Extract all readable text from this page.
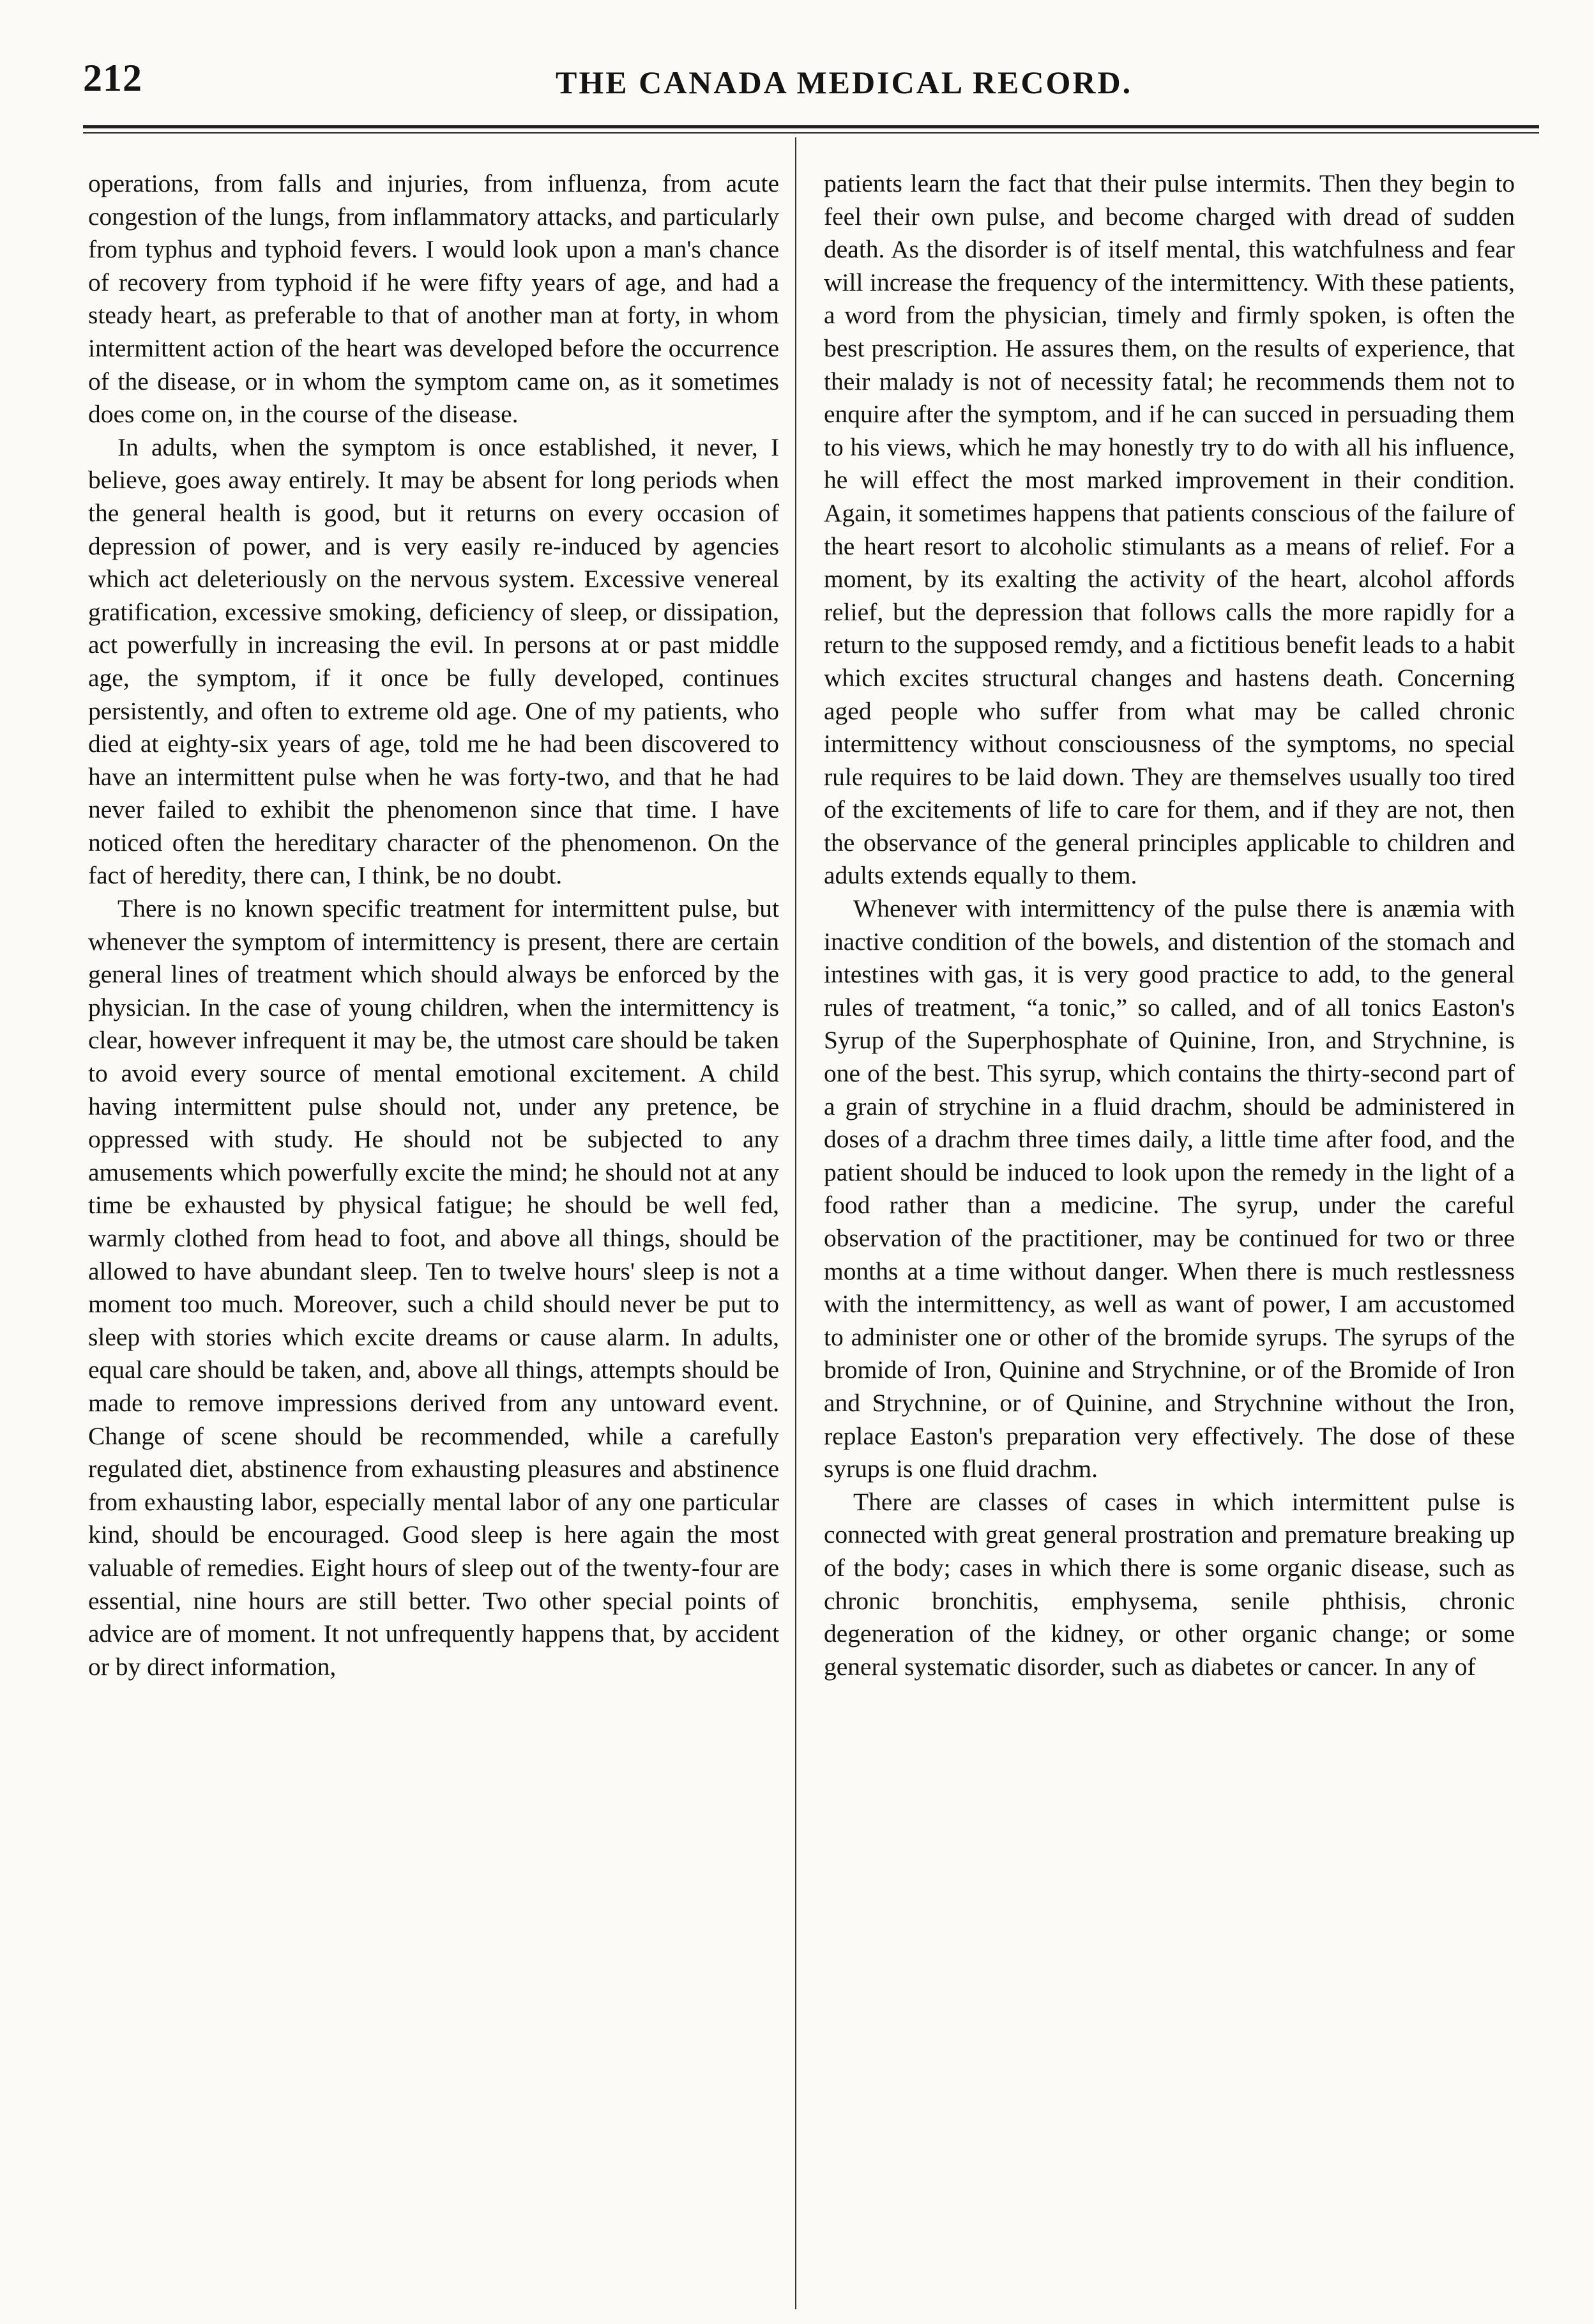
212	THE CANADA MEDICAL RECORD.

operations, from falls and injuries, from influenza, from acute congestion of the lungs, from inflammatory attacks, and particularly from typhus and typhoid fevers. I would look upon a man's chance of recovery from typhoid if he were fifty years of age, and had a steady heart, as preferable to that of another man at forty, in whom intermittent action of the heart was developed before the occurrence of the disease, or in whom the symptom came on, as it sometimes does come on, in the course of the disease.

In adults, when the symptom is once established, it never, I believe, goes away entirely. It may be absent for long periods when the general health is good, but it returns on every occasion of depression of power, and is very easily re-induced by agencies which act deleteriously on the nervous system. Excessive venereal gratification, excessive smoking, deficiency of sleep, or dissipation, act powerfully in increasing the evil. In persons at or past middle age, the symptom, if it once be fully developed, continues persistently, and often to extreme old age. One of my patients, who died at eighty-six years of age, told me he had been discovered to have an intermittent pulse when he was forty-two, and that he had never failed to exhibit the phenomenon since that time. I have noticed often the hereditary character of the phenomenon. On the fact of heredity, there can, I think, be no doubt.

There is no known specific treatment for intermittent pulse, but whenever the symptom of intermittency is present, there are certain general lines of treatment which should always be enforced by the physician. In the case of young children, when the intermittency is clear, however infrequent it may be, the utmost care should be taken to avoid every source of mental emotional excitement. A child having intermittent pulse should not, under any pretence, be oppressed with study. He should not be subjected to any amusements which powerfully excite the mind; he should not at any time be exhausted by physical fatigue; he should be well fed, warmly clothed from head to foot, and above all things, should be allowed to have abundant sleep. Ten to twelve hours' sleep is not a moment too much. Moreover, such a child should never be put to sleep with stories which excite dreams or cause alarm. In adults, equal care should be taken, and, above all things, attempts should be made to remove impressions derived from any untoward event. Change of scene should be recommended, while a carefully regulated diet, abstinence from exhausting pleasures and abstinence from exhausting labor, especially mental labor of any one particular kind, should be encouraged. Good sleep is here again the most valuable of remedies. Eight hours of sleep out of the twenty-four are essential, nine hours are still better. Two other special points of advice are of moment. It not unfrequently happens that, by accident or by direct information,

patients learn the fact that their pulse intermits. Then they begin to feel their own pulse, and become charged with dread of sudden death. As the disorder is of itself mental, this watchfulness and fear will increase the frequency of the intermittency. With these patients, a word from the physician, timely and firmly spoken, is often the best prescription. He assures them, on the results of experience, that their malady is not of necessity fatal; he recommends them not to enquire after the symptom, and if he can succed in persuading them to his views, which he may honestly try to do with all his influence, he will effect the most marked improvement in their condition. Again, it sometimes happens that patients conscious of the failure of the heart resort to alcoholic stimulants as a means of relief. For a moment, by its exalting the activity of the heart, alcohol affords relief, but the depression that follows calls the more rapidly for a return to the supposed remdy, and a fictitious benefit leads to a habit which excites structural changes and hastens death. Concerning aged people who suffer from what may be called chronic intermittency without consciousness of the symptoms, no special rule requires to be laid down. They are themselves usually too tired of the excitements of life to care for them, and if they are not, then the observance of the general principles applicable to children and adults extends equally to them.

Whenever with intermittency of the pulse there is anæmia with inactive condition of the bowels, and distention of the stomach and intestines with gas, it is very good practice to add, to the general rules of treatment, “a tonic,” so called, and of all tonics Easton's Syrup of the Superphosphate of Quinine, Iron, and Strychnine, is one of the best. This syrup, which contains the thirty-second part of a grain of strychine in a fluid drachm, should be administered in doses of a drachm three times daily, a little time after food, and the patient should be induced to look upon the remedy in the light of a food rather than a medicine. The syrup, under the careful observation of the practitioner, may be continued for two or three months at a time without danger. When there is much restlessness with the intermittency, as well as want of power, I am accustomed to administer one or other of the bromide syrups. The syrups of the bromide of Iron, Quinine and Strychnine, or of the Bromide of Iron and Strychnine, or of Quinine, and Strychnine without the Iron, replace Easton's preparation very effectively. The dose of these syrups is one fluid drachm.

There are classes of cases in which intermittent pulse is connected with great general prostration and premature breaking up of the body; cases in which there is some organic disease, such as chronic bronchitis, emphysema, senile phthisis, chronic degeneration of the kidney, or other organic change; or some general systematic disorder, such as diabetes or cancer. In any of
